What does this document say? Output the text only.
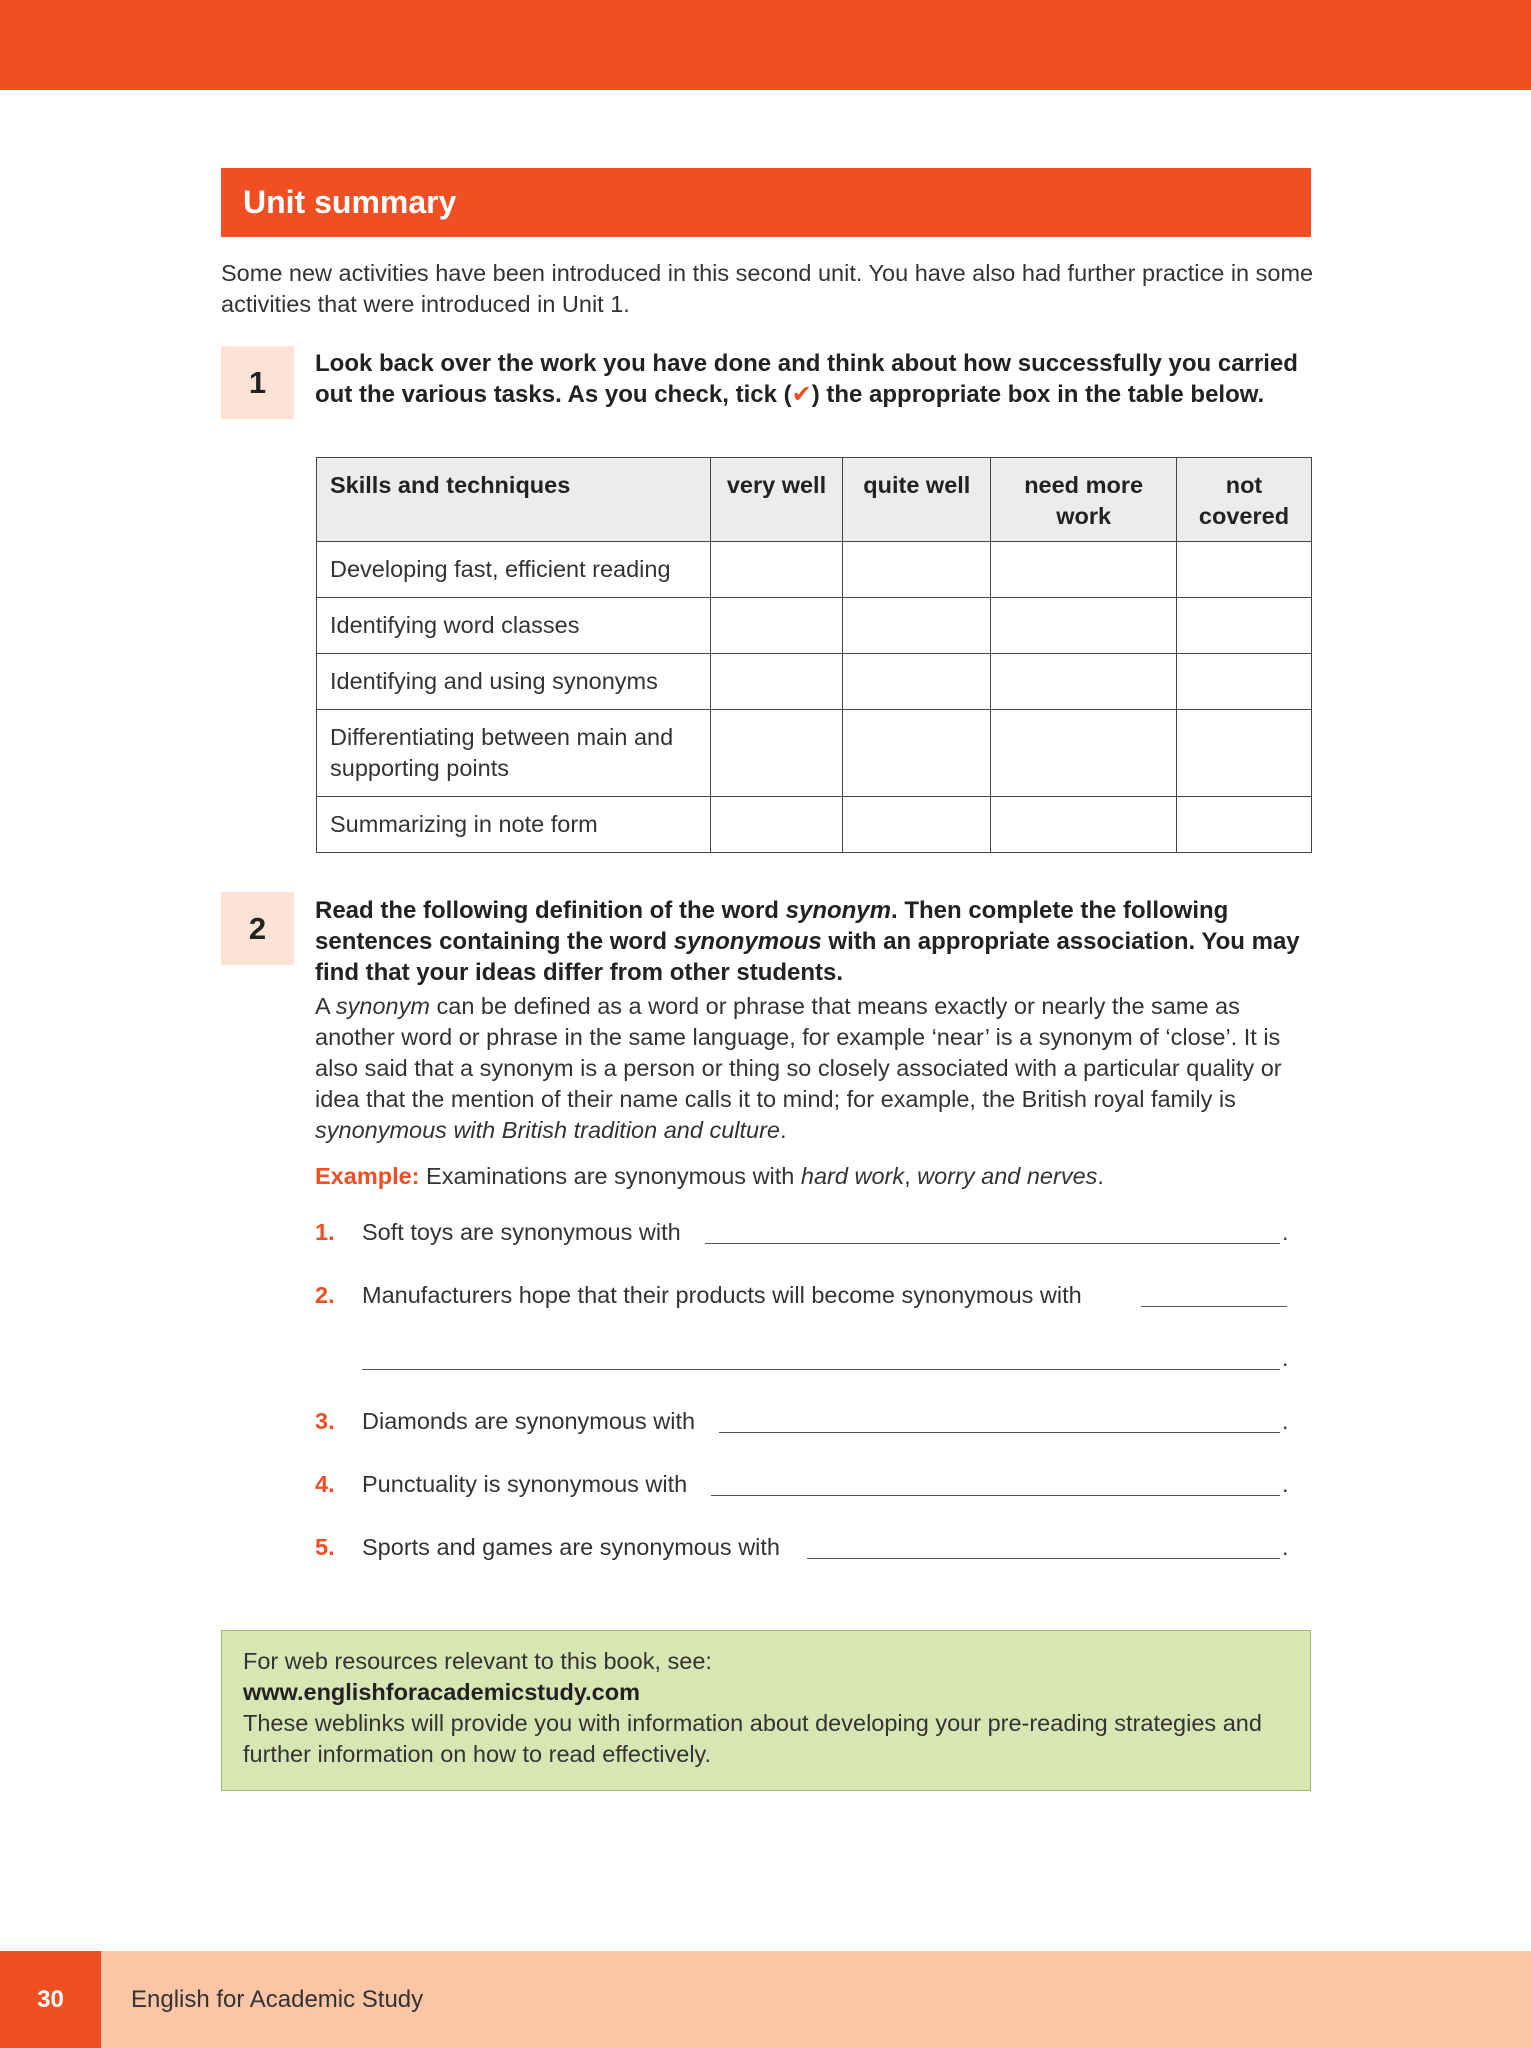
Unit summary
Some new activities have been introduced in this second unit. You have also had further practice in some activities that were introduced in Unit 1.
1
Look back over the work you have done and think about how successfully you carried out the various tasks. As you check, tick (✔) the appropriate box in the table below.
Skills and techniques	very well	quite well	need more work	not covered
Developing fast, efficient reading				
Identifying word classes				
Identifying and using synonyms				
Differentiating between main and supporting points				
Summarizing in note form				
2
Read the following definition of the word synonym. Then complete the following sentences containing the word synonymous with an appropriate association. You may find that your ideas differ from other students.
A synonym can be defined as a word or phrase that means exactly or nearly the same as another word or phrase in the same language, for example ‘near’ is a synonym of ‘close’. It is also said that a synonym is a person or thing so closely associated with a particular quality or idea that the mention of their name calls it to mind; for example, the British royal family is synonymous with British tradition and culture.
Example: Examinations are synonymous with hard work, worry and nerves.
1. Soft toys are synonymous with	.
2. Manufacturers hope that their products will become synonymous with
.
3. Diamonds are synonymous with	.
4. Punctuality is synonymous with	.
5. Sports and games are synonymous with	.
For web resources relevant to this book, see:
www.englishforacademicstudy.com
These weblinks will provide you with information about developing your pre-reading strategies and further information on how to read effectively.
30	English for Academic Study
